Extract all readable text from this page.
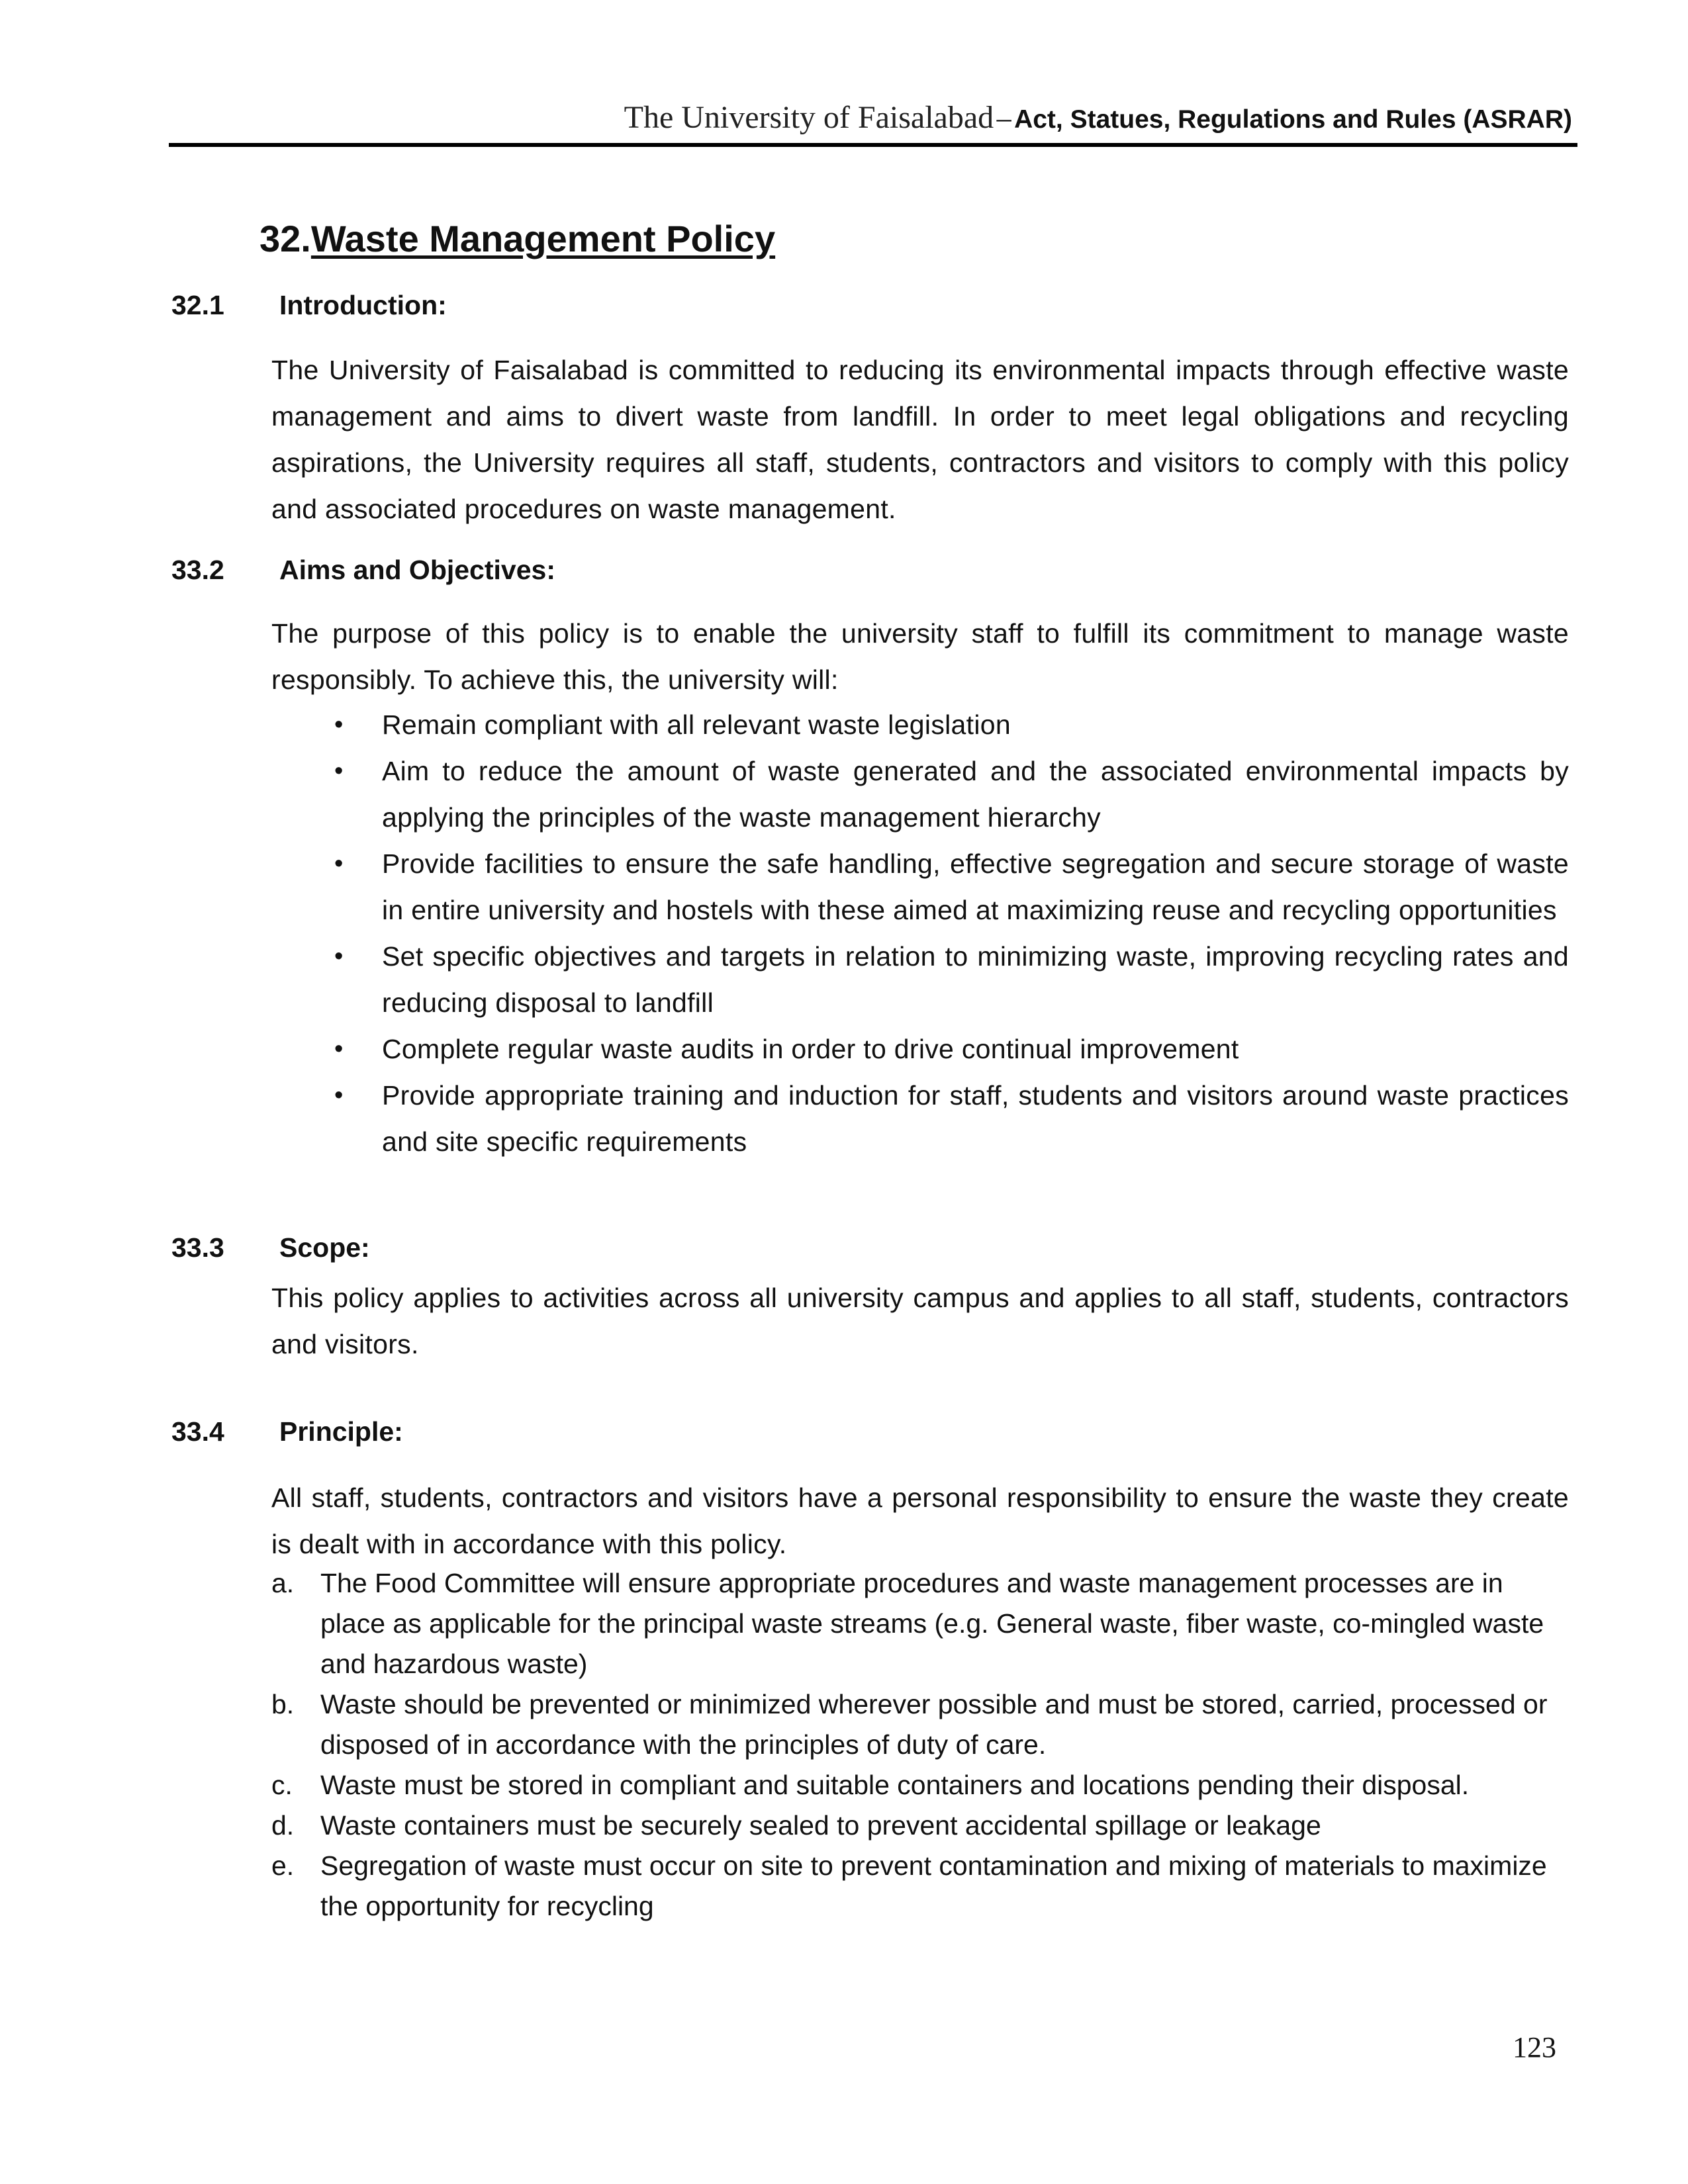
The University of Faisalabad – Act, Statues, Regulations and Rules (ASRAR)
32.Waste Management Policy
32.1 Introduction:
The University of Faisalabad is committed to reducing its environmental impacts through effective waste management and aims to divert waste from landfill. In order to meet legal obligations and recycling aspirations, the University requires all staff, students, contractors and visitors to comply with this policy and associated procedures on waste management.
33.2 Aims and Objectives:
The purpose of this policy is to enable the university staff to fulfill its commitment to manage waste responsibly. To achieve this, the university will:
• Remain compliant with all relevant waste legislation
• Aim to reduce the amount of waste generated and the associated environmental impacts by applying the principles of the waste management hierarchy
• Provide facilities to ensure the safe handling, effective segregation and secure storage of waste in entire university and hostels with these aimed at maximizing reuse and recycling opportunities
• Set specific objectives and targets in relation to minimizing waste, improving recycling rates and reducing disposal to landfill
• Complete regular waste audits in order to drive continual improvement
• Provide appropriate training and induction for staff, students and visitors around waste practices and site specific requirements
33.3 Scope:
This policy applies to activities across all university campus and applies to all staff, students, contractors and visitors.
33.4 Principle:
All staff, students, contractors and visitors have a personal responsibility to ensure the waste they create is dealt with in accordance with this policy.
a. The Food Committee will ensure appropriate procedures and waste management processes are in place as applicable for the principal waste streams (e.g. General waste, fiber waste, co-mingled waste and hazardous waste)
b. Waste should be prevented or minimized wherever possible and must be stored, carried, processed or disposed of in accordance with the principles of duty of care.
c. Waste must be stored in compliant and suitable containers and locations pending their disposal.
d. Waste containers must be securely sealed to prevent accidental spillage or leakage
e. Segregation of waste must occur on site to prevent contamination and mixing of materials to maximize the opportunity for recycling
123
